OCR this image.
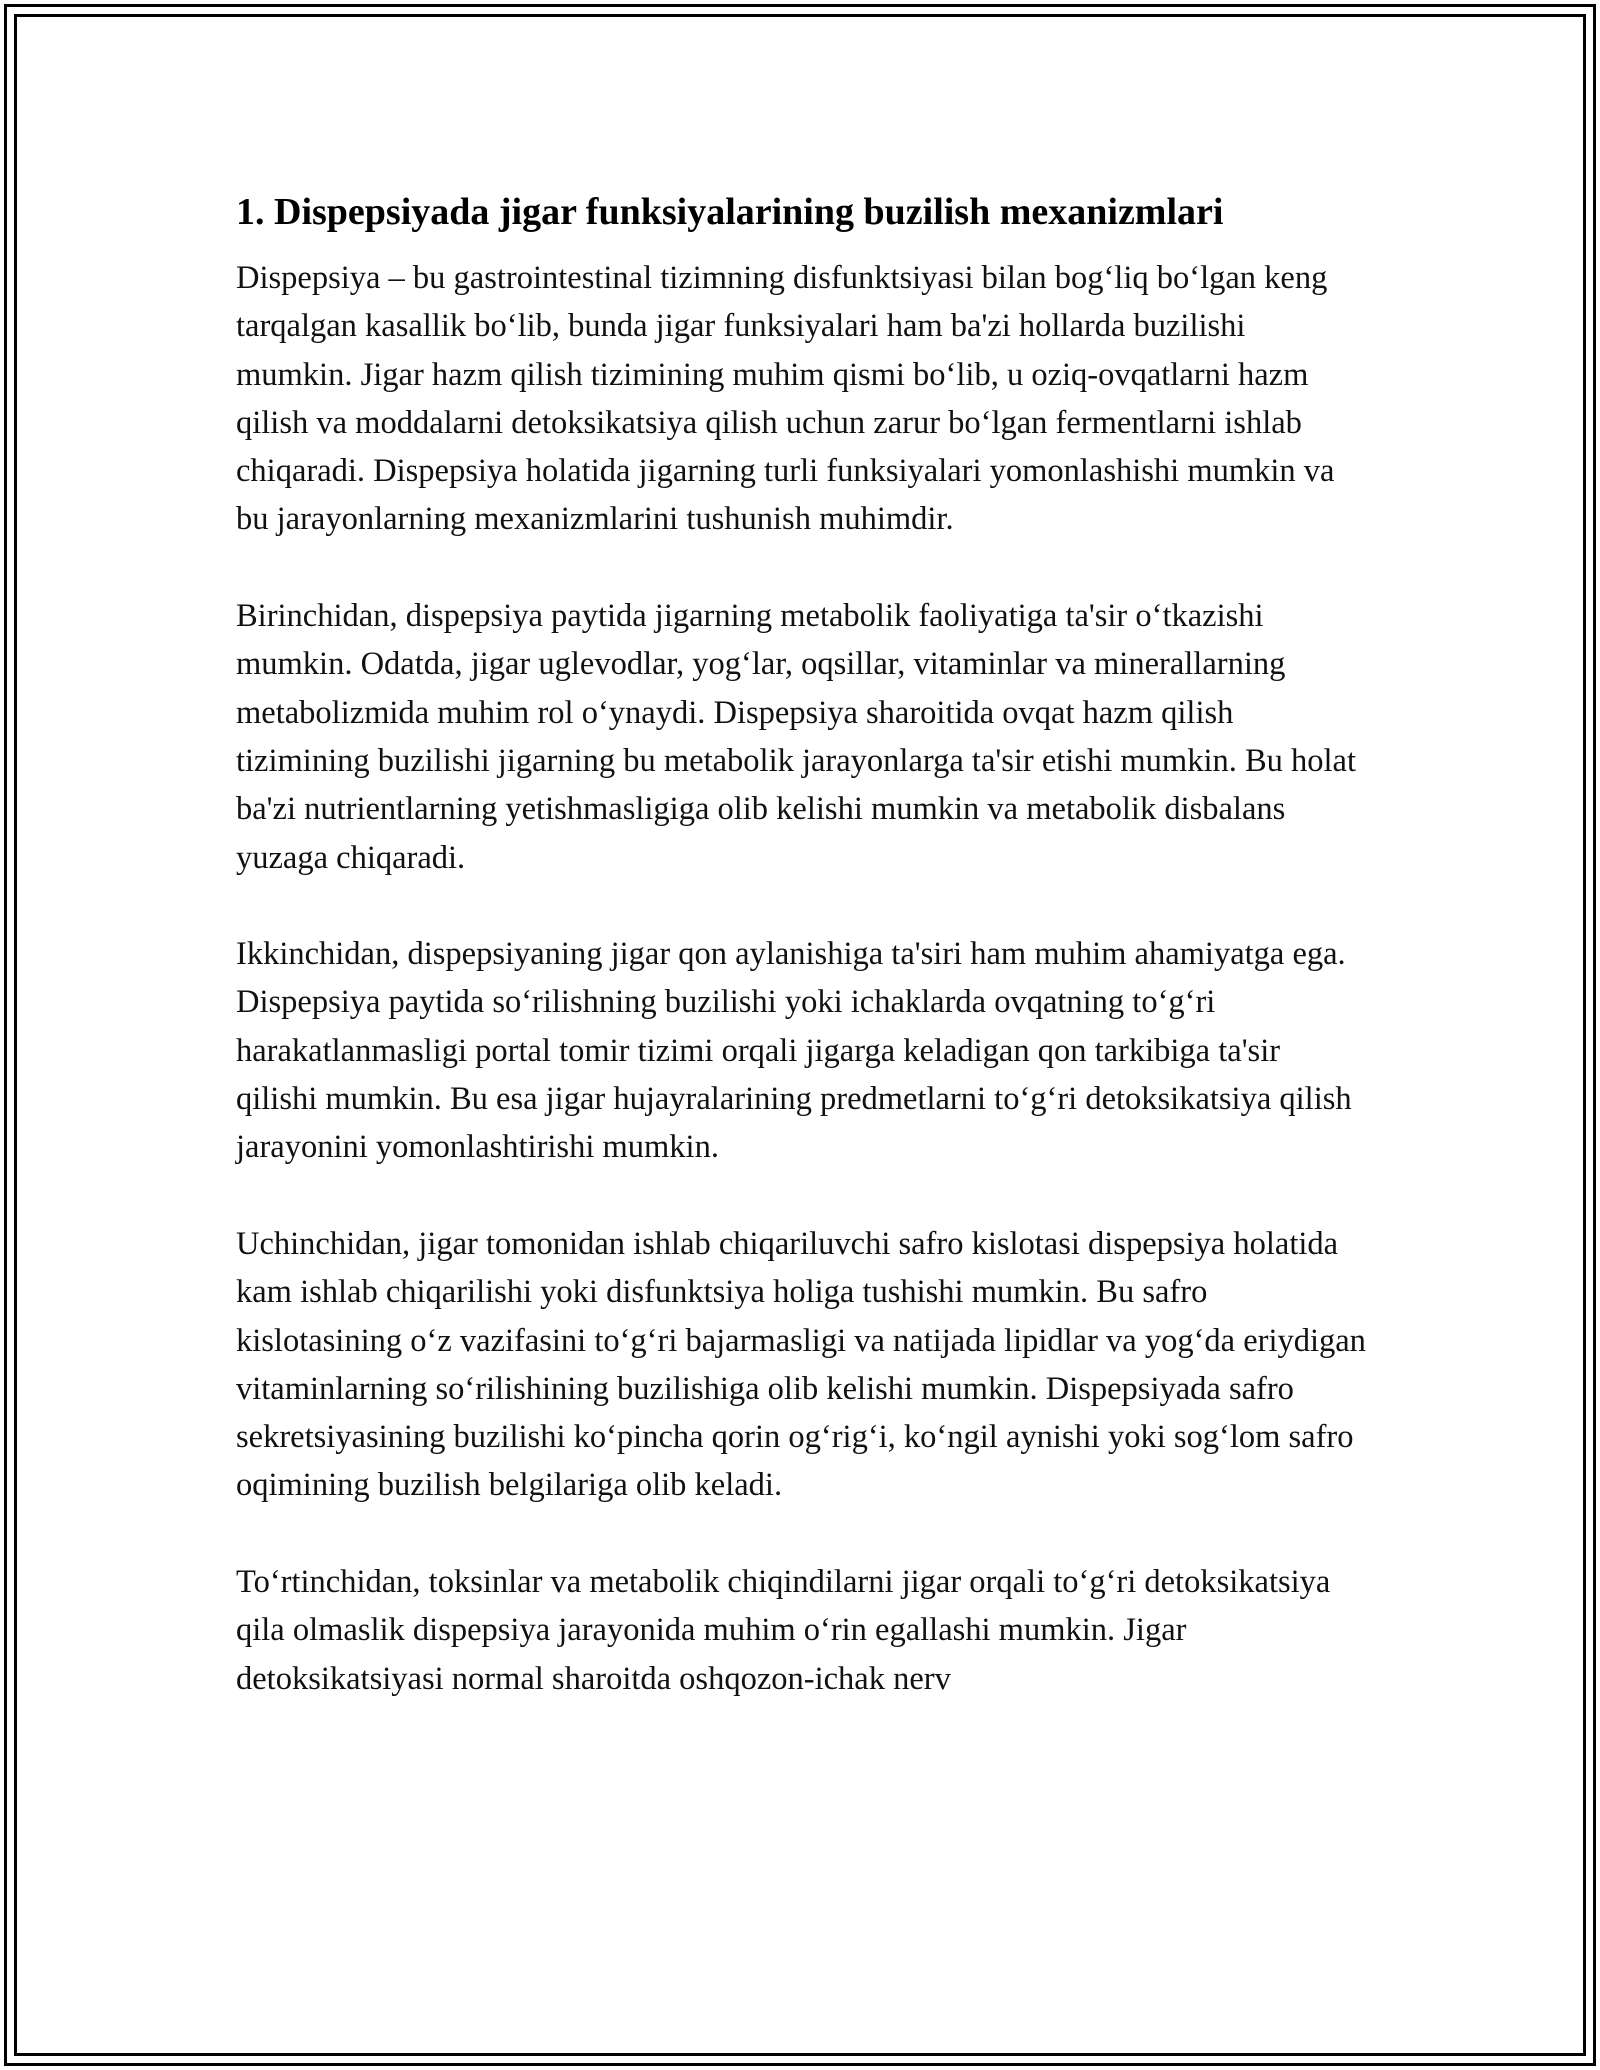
1. Dispepsiyada jigar funksiyalarining buzilish mexanizmlari

Dispepsiya – bu gastrointestinal tizimning disfunktsiyasi bilan bog‘liq bo‘lgan keng tarqalgan kasallik bo‘lib, bunda jigar funksiyalari ham ba'zi hollarda buzilishi mumkin. Jigar hazm qilish tizimining muhim qismi bo‘lib, u oziq-ovqatlarni hazm qilish va moddalarni detoksikatsiya qilish uchun zarur bo‘lgan fermentlarni ishlab chiqaradi. Dispepsiya holatida jigarning turli funksiyalari yomonlashishi mumkin va bu jarayonlarning mexanizmlarini tushunish muhimdir.

Birinchidan, dispepsiya paytida jigarning metabolik faoliyatiga ta'sir o‘tkazishi mumkin. Odatda, jigar uglevodlar, yog‘lar, oqsillar, vitaminlar va minerallarning metabolizmida muhim rol o‘ynaydi. Dispepsiya sharoitida ovqat hazm qilish tizimining buzilishi jigarning bu metabolik jarayonlarga ta'sir etishi mumkin. Bu holat ba'zi nutrientlarning yetishmasligiga olib kelishi mumkin va metabolik disbalans yuzaga chiqaradi.

Ikkinchidan, dispepsiyaning jigar qon aylanishiga ta'siri ham muhim ahamiyatga ega. Dispepsiya paytida so‘rilishning buzilishi yoki ichaklarda ovqatning to‘g‘ri harakatlanmasligi portal tomir tizimi orqali jigarga keladigan qon tarkibiga ta'sir qilishi mumkin. Bu esa jigar hujayralarining predmetlarni to‘g‘ri detoksikatsiya qilish jarayonini yomonlashtirishi mumkin.

Uchinchidan, jigar tomonidan ishlab chiqariluvchi safro kislotasi dispepsiya holatida kam ishlab chiqarilishi yoki disfunktsiya holiga tushishi mumkin. Bu safro kislotasining o‘z vazifasini to‘g‘ri bajarmasligi va natijada lipidlar va yog‘da eriydigan vitaminlarning so‘rilishining buzilishiga olib kelishi mumkin. Dispepsiyada safro sekretsiyasining buzilishi ko‘pincha qorin og‘rig‘i, ko‘ngil aynishi yoki sog‘lom safro oqimining buzilish belgilariga olib keladi.

To‘rtinchidan, toksinlar va metabolik chiqindilarni jigar orqali to‘g‘ri detoksikatsiya qila olmaslik dispepsiya jarayonida muhim o‘rin egallashi mumkin. Jigar detoksikatsiyasi normal sharoitda oshqozon-ichak nerv
